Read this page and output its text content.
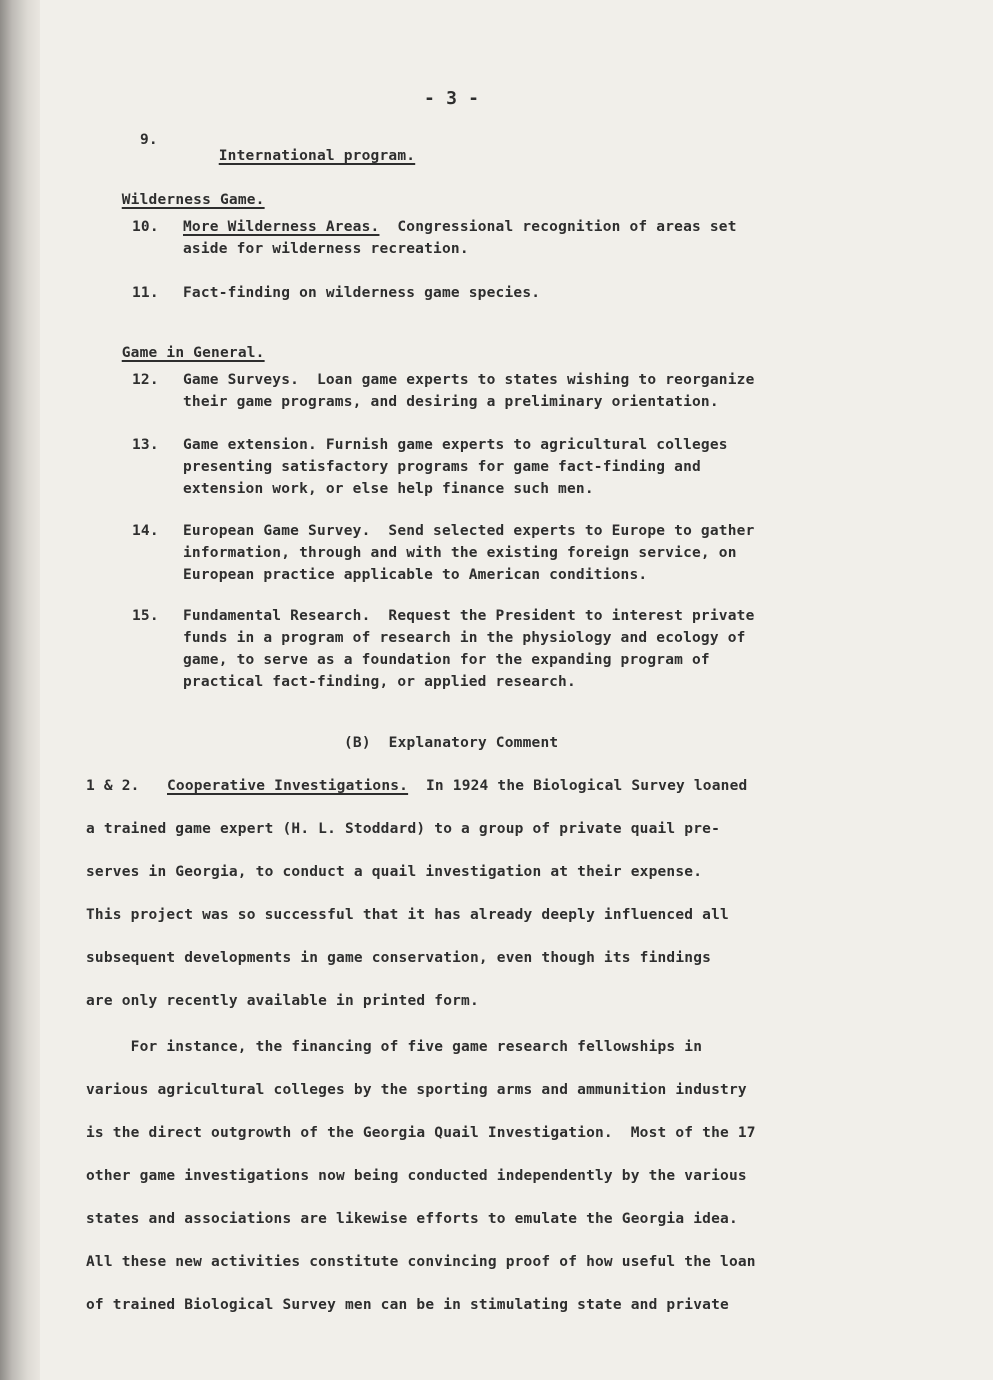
- 3 -

9.

International program.

Wilderness Game.

10.

More Wilderness Areas.  Congressional recognition of areas set

aside for wilderness recreation.

11.

Fact-finding on wilderness game species.

Game in General.

12.

Game Surveys.  Loan game experts to states wishing to reorganize

their game programs, and desiring a preliminary orientation.

13.

Game extension. Furnish game experts to agricultural colleges

presenting satisfactory programs for game fact-finding and

extension work, or else help finance such men.

14.

European Game Survey.  Send selected experts to Europe to gather

information, through and with the existing foreign service, on

European practice applicable to American conditions.

15.

Fundamental Research.  Request the President to interest private

funds in a program of research in the physiology and ecology of

game, to serve as a foundation for the expanding program of

practical fact-finding, or applied research.

(B)  Explanatory Comment

1 & 2.

Cooperative Investigations.  In 1924 the Biological Survey loaned

a trained game expert (H. L. Stoddard) to a group of private quail pre-

serves in Georgia, to conduct a quail investigation at their expense.

This project was so successful that it has already deeply influenced all

subsequent developments in game conservation, even though its findings

are only recently available in printed form.

For instance, the financing of five game research fellowships in

various agricultural colleges by the sporting arms and ammunition industry

is the direct outgrowth of the Georgia Quail Investigation.  Most of the 17

other game investigations now being conducted independently by the various

states and associations are likewise efforts to emulate the Georgia idea.

All these new activities constitute convincing proof of how useful the loan

of trained Biological Survey men can be in stimulating state and private
